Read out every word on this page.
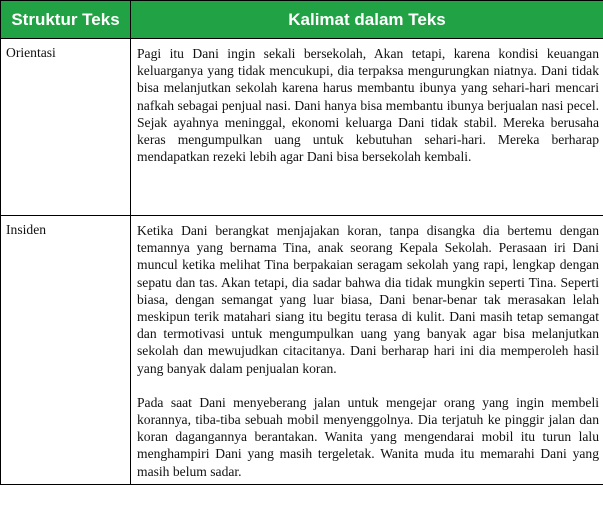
Struktur Teks	Kalimat dalam Teks
Orientasi	Pagi itu Dani ingin sekali bersekolah, Akan tetapi, karena kondisi keuangan keluarganya yang tidak mencukupi, dia terpaksa mengurungkan niatnya. Dani tidak bisa melanjutkan sekolah karena harus membantu ibunya yang sehari-hari mencari nafkah sebagai penjual nasi. Dani hanya bisa membantu ibunya berjualan nasi pecel. Sejak ayahnya meninggal, ekonomi keluarga Dani tidak stabil. Mereka berusaha keras mengumpulkan uang untuk kebutuhan sehari-hari. Mereka berharap mendapatkan rezeki lebih agar Dani bisa bersekolah kembali.

Insiden	Ketika Dani berangkat menjajakan koran, tanpa disangka dia bertemu dengan temannya yang bernama Tina, anak seorang Kepala Sekolah. Perasaan iri Dani muncul ketika melihat Tina berpakaian seragam sekolah yang rapi, lengkap dengan sepatu dan tas. Akan tetapi, dia sadar bahwa dia tidak mungkin seperti Tina. Seperti biasa, dengan semangat yang luar biasa, Dani benar-benar tak merasakan lelah meskipun terik matahari siang itu begitu terasa di kulit. Dani masih tetap semangat dan termotivasi untuk mengumpulkan uang yang banyak agar bisa melanjutkan sekolah dan mewujudkan citacitanya. Dani berharap hari ini dia memperoleh hasil yang banyak dalam penjualan koran.

Pada saat Dani menyeberang jalan untuk mengejar orang yang ingin membeli korannya, tiba-tiba sebuah mobil menyenggolnya. Dia terjatuh ke pinggir jalan dan koran dagangannya berantakan. Wanita yang mengendarai mobil itu turun lalu menghampiri Dani yang masih tergeletak. Wanita muda itu memarahi Dani yang masih belum sadar.
